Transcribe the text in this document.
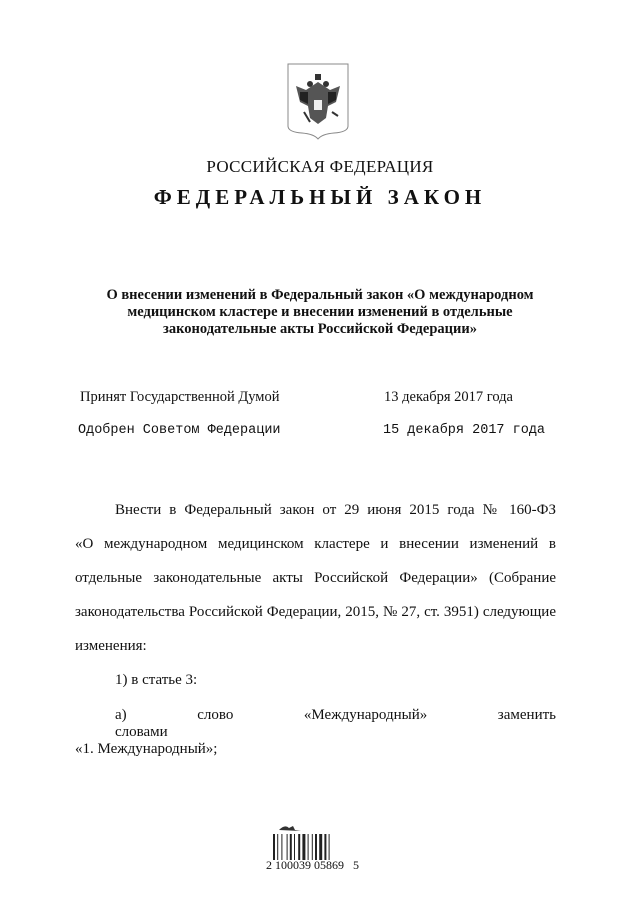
РОССИЙСКАЯ ФЕДЕРАЦИЯ
ФЕДЕРАЛЬНЫЙ ЗАКОН
О внесении изменений в Федеральный закон «О международном
медицинском кластере и внесении изменений в отдельные
законодательные акты Российской Федерации»
Принят Государственной Думой	13 декабря 2017 года
Одобрен Советом Федерации	15 декабря 2017 года
Внести в Федеральный закон от 29 июня 2015 года № 160-ФЗ
«О международном медицинском кластере и внесении изменений в
отдельные законодательные акты Российской Федерации» (Собрание
законодательства Российской Федерации, 2015, № 27, ст. 3951) следующие
изменения:
1) в статье 3:
а) слово «Международный» заменить словами
«1. Международный»;
2 100039 05869   5
